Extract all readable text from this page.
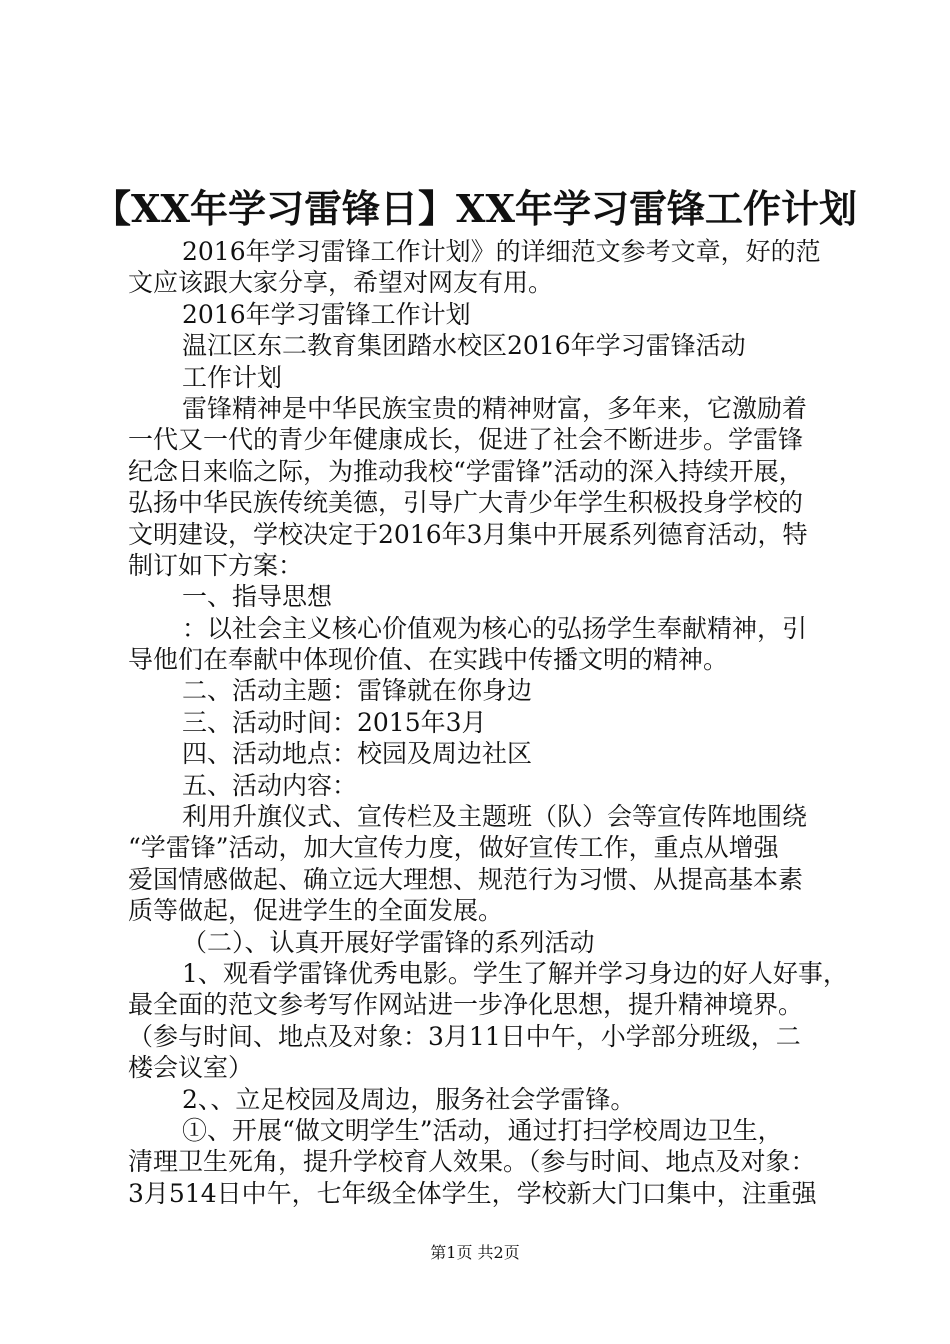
【XX年学习雷锋日】XX年学习雷锋工作计划
2016年学习雷锋工作计划》的详细范文参考文章，好的范
文应该跟大家分享，希望对网友有用。
2016年学习雷锋工作计划
温江区东二教育集团踏水校区2016年学习雷锋活动
工作计划
雷锋精神是中华民族宝贵的精神财富，多年来，它激励着
一代又一代的青少年健康成长，促进了社会不断进步。学雷锋
纪念日来临之际，为推动我校“学雷锋”活动的深入持续开展，
弘扬中华民族传统美德，引导广大青少年学生积极投身学校的
文明建设，学校决定于2016年3月集中开展系列德育活动，特
制订如下方案：
一、指导思想
：以社会主义核心价值观为核心的弘扬学生奉献精神，引
导他们在奉献中体现价值、在实践中传播文明的精神。
二、活动主题：雷锋就在你身边
三、活动时间：2015年3月
四、活动地点：校园及周边社区
五、活动内容：
利用升旗仪式、宣传栏及主题班（队）会等宣传阵地围绕
“学雷锋”活动，加大宣传力度，做好宣传工作，重点从增强
爱国情感做起、确立远大理想、规范行为习惯、从提高基本素
质等做起，促进学生的全面发展。
（二）、认真开展好学雷锋的系列活动
1、观看学雷锋优秀电影。学生了解并学习身边的好人好事，
最全面的范文参考写作网站进一步净化思想，提升精神境界。
（参与时间、地点及对象：3月11日中午，小学部分班级，二
楼会议室）
2、、立足校园及周边，服务社会学雷锋。
①、开展“做文明学生”活动，通过打扫学校周边卫生，
清理卫生死角，提升学校育人效果。（参与时间、地点及对象：
3月514日中午，七年级全体学生，学校新大门口集中，注重强
第1页 共2页
